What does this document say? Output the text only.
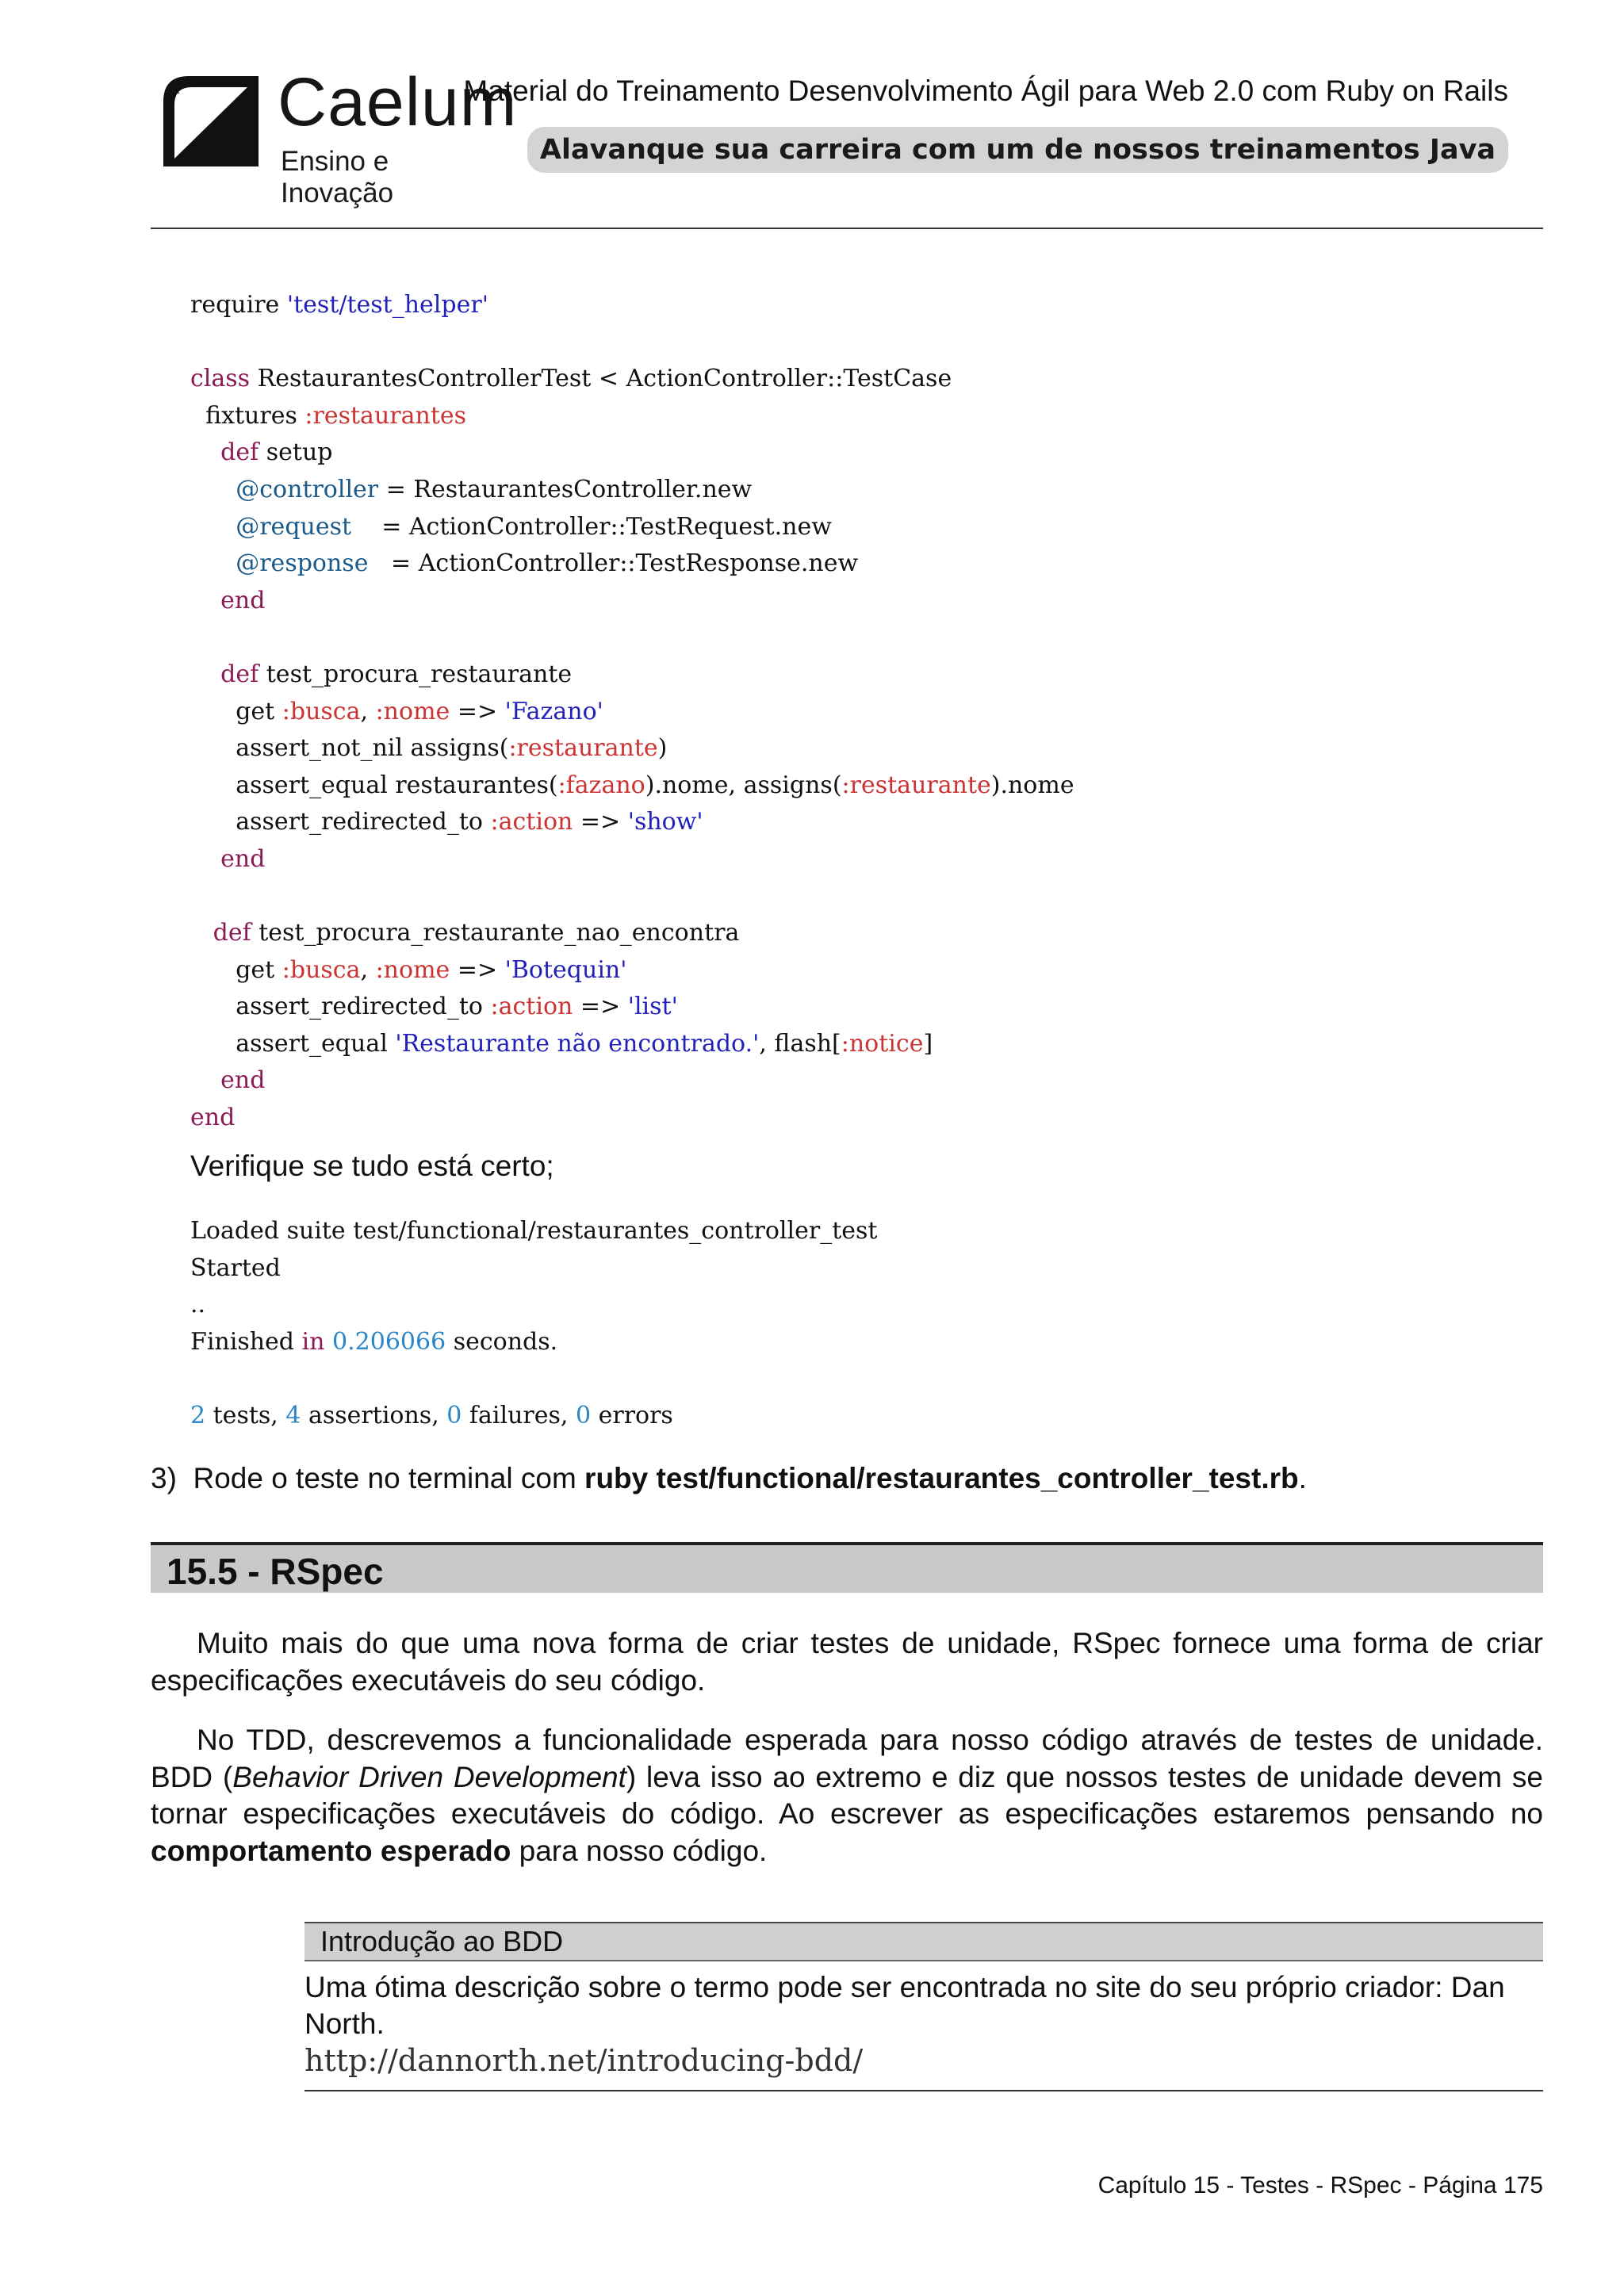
* Caelum
Ensino e Inovação
Material do Treinamento Desenvolvimento Ágil para Web 2.0 com Ruby on Rails
Alavanque sua carreira com um de nossos treinamentos Java
require 'test/test_helper'

class RestaurantesControllerTest < ActionController::TestCase
fixtures :restaurantes
def setup
@controller = RestaurantesController.new
@request    = ActionController::TestRequest.new
@response   = ActionController::TestResponse.new
end

def test_procura_restaurante
get :busca, :nome => 'Fazano'
assert_not_nil assigns(:restaurante)
assert_equal restaurantes(:fazano).nome, assigns(:restaurante).nome
assert_redirected_to :action => 'show'
end

def test_procura_restaurante_nao_encontra
get :busca, :nome => 'Botequin'
assert_redirected_to :action => 'list'
assert_equal 'Restaurante não encontrado.', flash[:notice]
end
end
Verifique se tudo está certo;
Loaded suite test/functional/restaurantes_controller_test
Started
..
Finished in 0.206066 seconds.

2 tests, 4 assertions, 0 failures, 0 errors
3) Rode o teste no terminal com ruby test/functional/restaurantes_controller_test.rb.
15.5 - RSpec
Muito mais do que uma nova forma de criar testes de unidade, RSpec fornece uma forma de criar especificações executáveis do seu código.
No TDD, descrevemos a funcionalidade esperada para nosso código através de testes de unidade. BDD (Behavior Driven Development) leva isso ao extremo e diz que nossos testes de unidade devem se tornar especificações executáveis do código. Ao escrever as especificações estaremos pensando no comportamento esperado para nosso código.
Introdução ao BDD
Uma ótima descrição sobre o termo pode ser encontrada no site do seu próprio criador: Dan North.
http://dannorth.net/introducing-bdd/
Capítulo 15 - Testes - RSpec - Página 175
